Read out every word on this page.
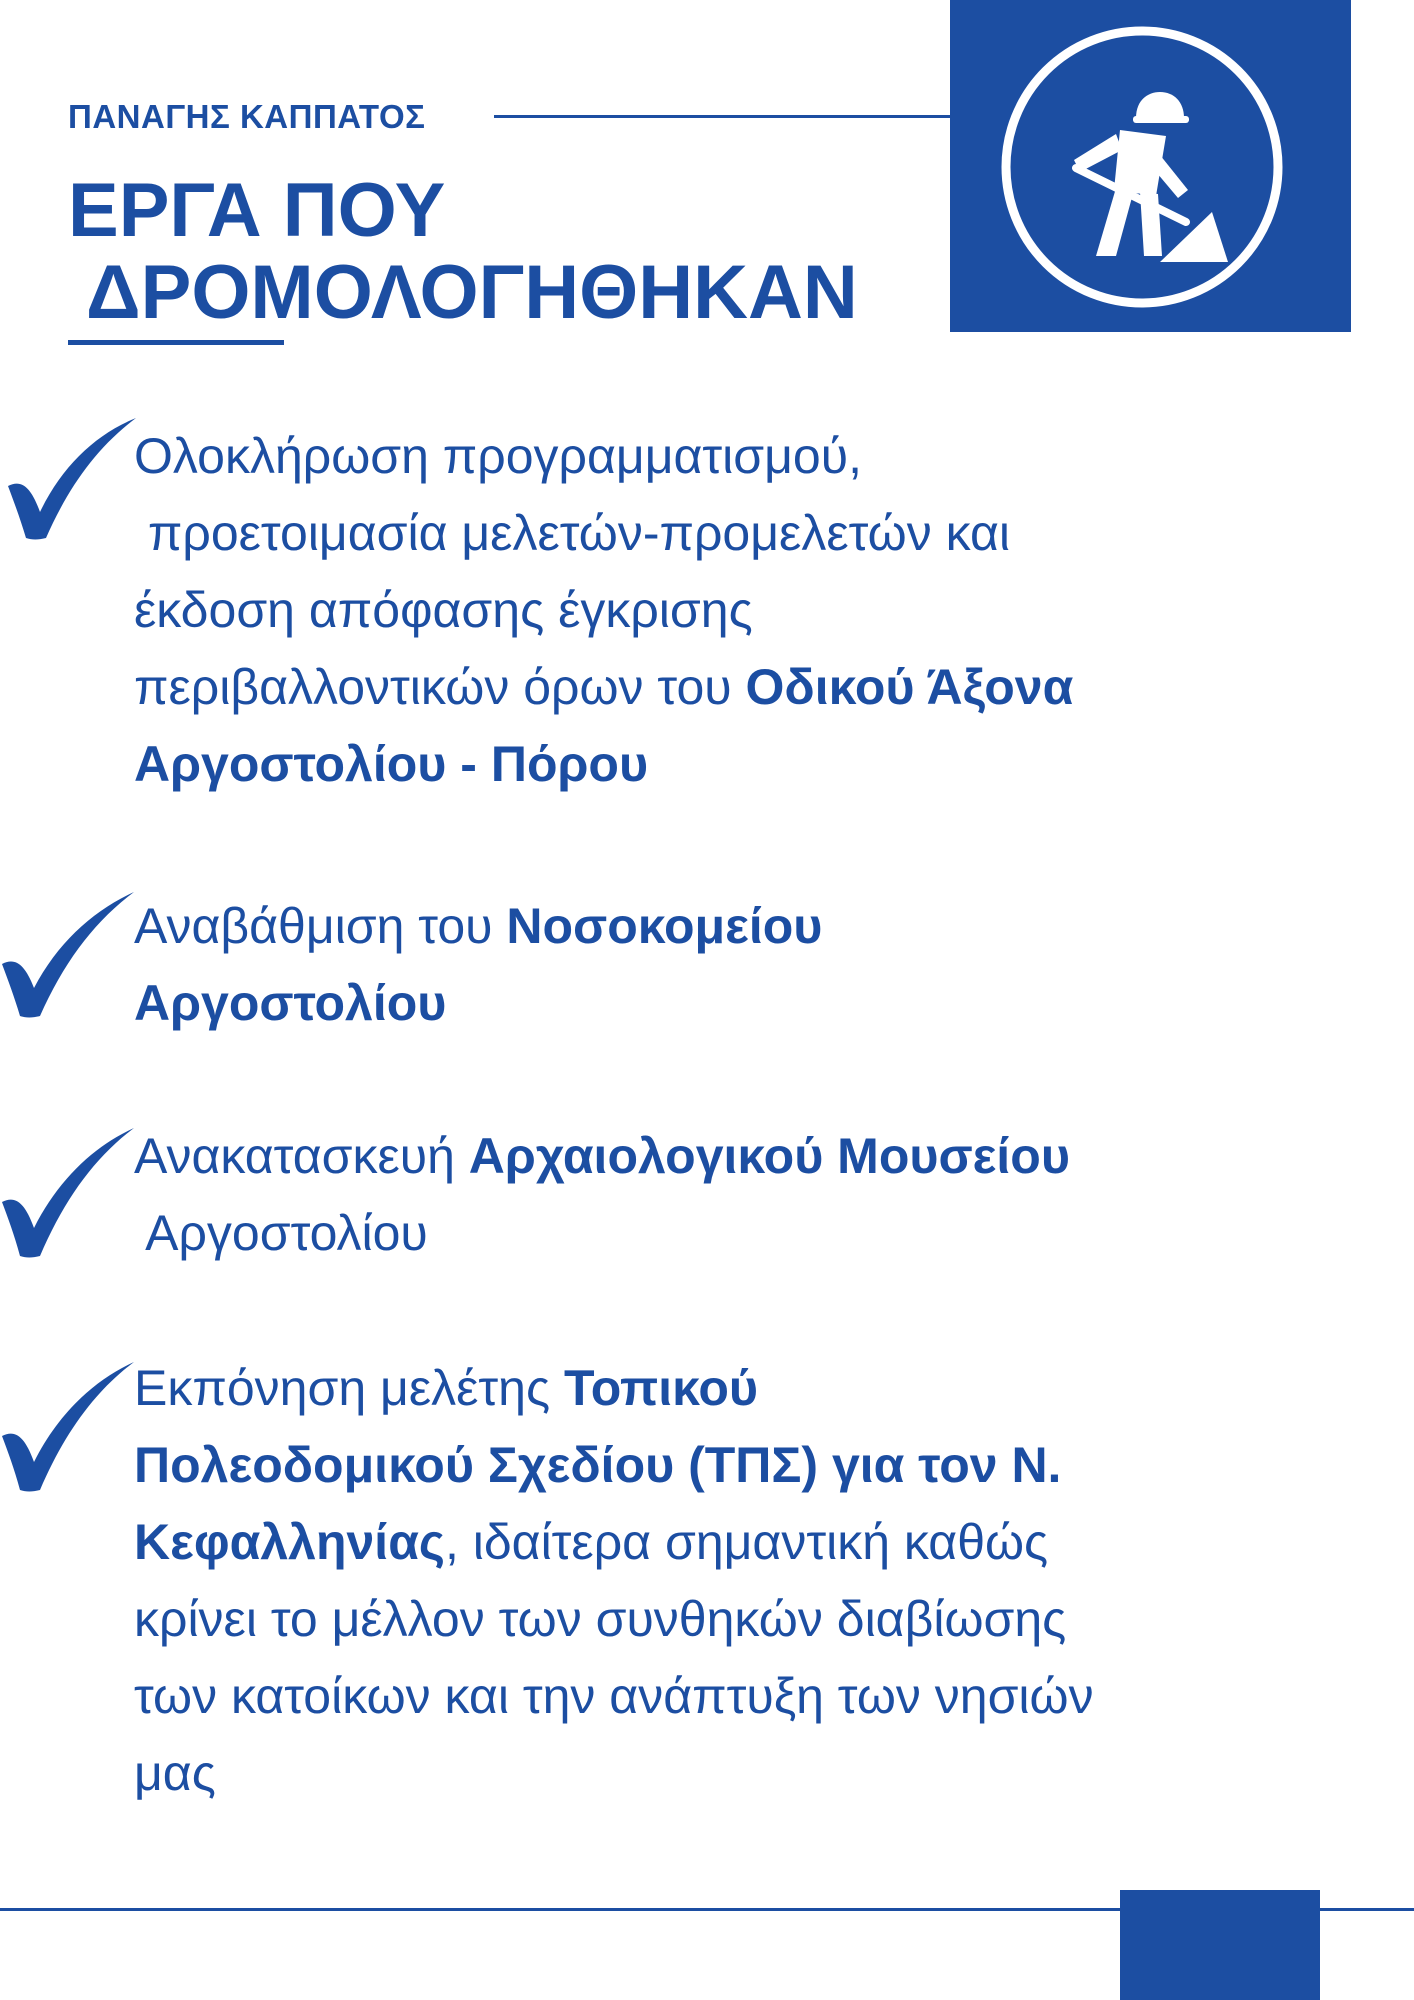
ΠΑΝΑΓΗΣ ΚΑΠΠΑΤΟΣ
ΕΡΓΑ ΠΟΥ
ΔΡΟΜΟΛΟΓΗΘΗΚΑΝ

Ολοκλήρωση προγραμματισμού,
προετοιμασία μελετών-προμελετών και
έκδοση απόφασης έγκρισης
περιβαλλοντικών όρων του Οδικού Άξονα
Αργοστολίου - Πόρου

Αναβάθμιση του Νοσοκομείου
Αργοστολίου

Ανακατασκευή Αρχαιολογικού Μουσείου
Αργοστολίου

Εκπόνηση μελέτης Τοπικού
Πολεοδομικού Σχεδίου (ΤΠΣ) για τον Ν.
Κεφαλληνίας, ιδαίτερα σημαντική καθώς
κρίνει το μέλλον των συνθηκών διαβίωσης
των κατοίκων και την ανάπτυξη των νησιών
μας
